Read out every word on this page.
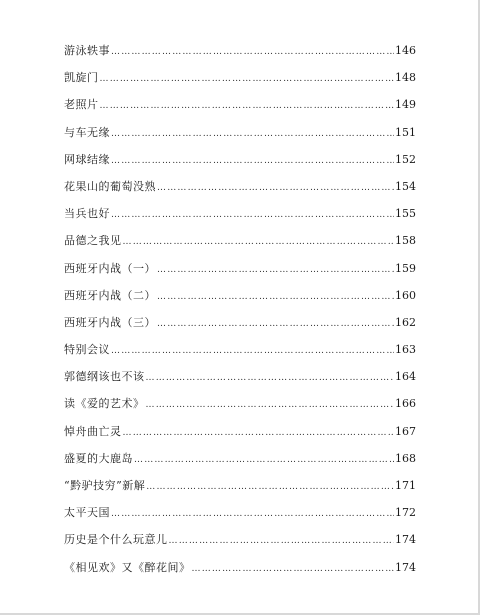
游泳轶事 ……………………………………………………………………………………………………………………………………………………………………	146
凯旋门 ……………………………………………………………………………………………………………………………………………………………………	148
老照片 ……………………………………………………………………………………………………………………………………………………………………	149
与车无缘 ……………………………………………………………………………………………………………………………………………………………………	151
网球结缘 ……………………………………………………………………………………………………………………………………………………………………	152
花果山的葡萄没熟 ……………………………………………………………………………………………………………………………………………………………………	154
当兵也好 ……………………………………………………………………………………………………………………………………………………………………	155
品德之我见 ……………………………………………………………………………………………………………………………………………………………………	158
西班牙内战（一） ……………………………………………………………………………………………………………………………………………………………………	159
西班牙内战（二） ……………………………………………………………………………………………………………………………………………………………………	160
西班牙内战（三） ……………………………………………………………………………………………………………………………………………………………………	162
特别会议 ……………………………………………………………………………………………………………………………………………………………………	163
郭德纲该也不该 ……………………………………………………………………………………………………………………………………………………………………	164
读《爱的艺术》 ……………………………………………………………………………………………………………………………………………………………………	166
悼舟曲亡灵 ……………………………………………………………………………………………………………………………………………………………………	167
盛夏的大鹿岛 ……………………………………………………………………………………………………………………………………………………………………	168
“黔驴技穷”新解 ……………………………………………………………………………………………………………………………………………………………………	171
太平天国 ……………………………………………………………………………………………………………………………………………………………………	172
历史是个什么玩意儿 ……………………………………………………………………………………………………………………………………………………………………	174
《相见欢》又《醉花间》 ……………………………………………………………………………………………………………………………………………………………………	174
